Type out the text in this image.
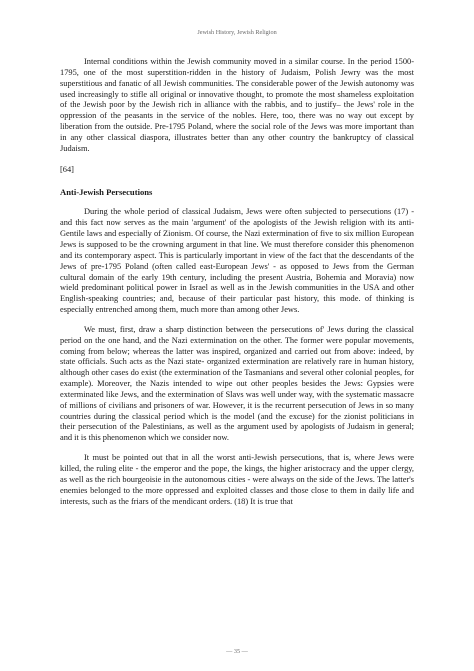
Jewish History, Jewish Religion

Internal conditions within the Jewish community moved in a similar course. In the period 1500-1795, one of the most superstition-ridden in the history of Judaism, Polish Jewry was the most superstitious and fanatic of all Jewish communities. The considerable power of the Jewish autonomy was used increasingly to stifle all original or innovative thought, to promote the most shameless exploitation of the Jewish poor by the Jewish rich in alliance with the rabbis, and to justify– the Jews' role in the oppression of the peasants in the service of the nobles. Here, too, there was no way out except by liberation from the outside. Pre-1795 Poland, where the social role of the Jews was more important than in any other classical diaspora, illustrates better than any other country the bankruptcy of classical Judaism.

[64]

Anti-Jewish Persecutions

During the whole period of classical Judaism, Jews were often subjected to persecutions (17) - and this fact now serves as the main 'argument' of the apologists of the Jewish religion with its anti-Gentile laws and especially of Zionism. Of course, the Nazi extermination of five to six million European Jews is supposed to be the crowning argument in that line. We must therefore consider this phenomenon and its contemporary aspect. This is particularly important in view of the fact that the descendants of the Jews of pre-1795 Poland (often called east-European Jews' - as opposed to Jews from the German cultural domain of the early 19th century, including the present Austria, Bohemia and Moravia) now wield predominant political power in Israel as well as in the Jewish communities in the USA and other English-speaking countries; and, because of their particular past history, this mode. of thinking is especially entrenched among them, much more than among other Jews.

We must, first, draw a sharp distinction between the persecutions of' Jews during the classical period on the one hand, and the Nazi extermination on the other. The former were popular movements, coming from below; whereas the latter was inspired, organized and carried out from above: indeed, by state officials. Such acts as the Nazi state- organized extermination are relatively rare in human history, although other cases do exist (the extermination of the Tasmanians and several other colonial peoples, for example). Moreover, the Nazis intended to wipe out other peoples besides the Jews: Gypsies were exterminated like Jews, and the extermination of Slavs was well under way, with the systematic massacre of millions of civilians and prisoners of war. However, it is the recurrent persecution of Jews in so many countries during the classical period which is the model (and the excuse) for the zionist politicians in their persecution of the Palestinians, as well as the argument used by apologists of Judaism in general; and it is this phenomenon which we consider now.

It must be pointed out that in all the worst anti-Jewish persecutions, that is, where Jews were killed, the ruling elite - the emperor and the pope, the kings, the higher aristocracy and the upper clergy, as well as the rich bourgeoisie in the autonomous cities - were always on the side of the Jews. The latter's enemies belonged to the more oppressed and exploited classes and those close to them in daily life and interests, such as the friars of the mendicant orders. (18) It is true that

— 35 —
